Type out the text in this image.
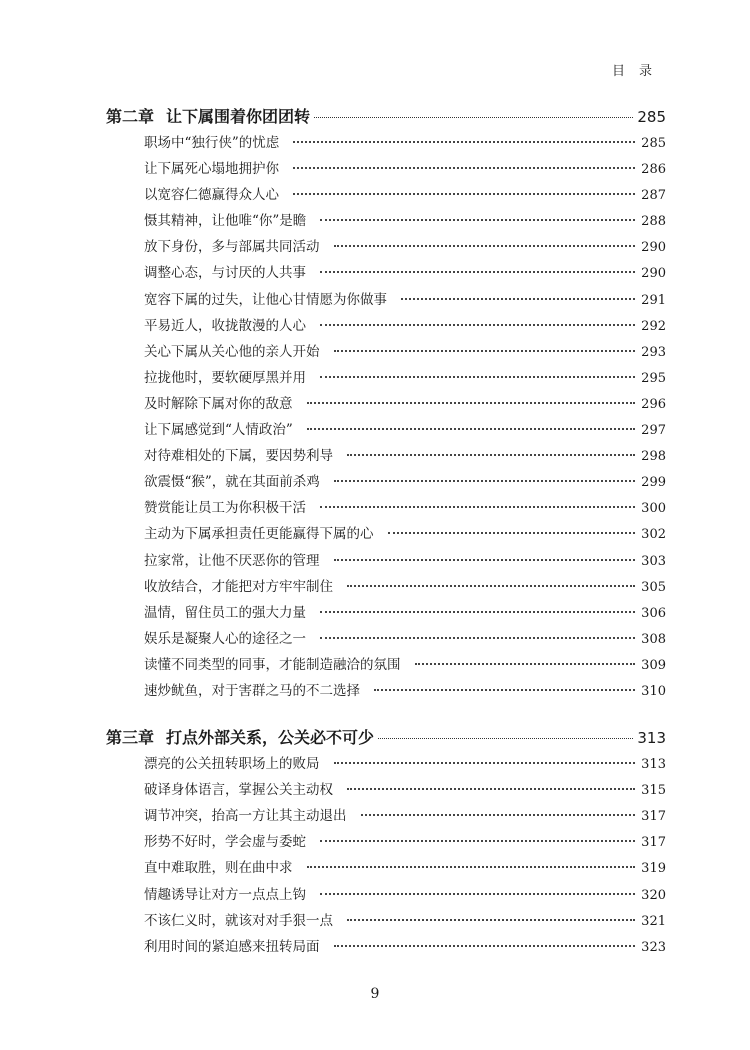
目录
第二章 让下属围着你团团转	285
职场中“独行侠”的忧虑	285
让下属死心塌地拥护你	286
以宽容仁德赢得众人心	287
慑其精神，让他唯“你”是瞻	288
放下身份，多与部属共同活动	290
调整心态，与讨厌的人共事	290
宽容下属的过失，让他心甘情愿为你做事	291
平易近人，收拢散漫的人心	292
关心下属从关心他的亲人开始	293
拉拢他时，要软硬厚黑并用	295
及时解除下属对你的敌意	296
让下属感觉到“人情政治”	297
对待难相处的下属，要因势利导	298
欲震慑“猴”，就在其面前杀鸡	299
赞赏能让员工为你积极干活	300
主动为下属承担责任更能赢得下属的心	302
拉家常，让他不厌恶你的管理	303
收放结合，才能把对方牢牢制住	305
温情，留住员工的强大力量	306
娱乐是凝聚人心的途径之一	308
读懂不同类型的同事，才能制造融洽的氛围	309
速炒鱿鱼，对于害群之马的不二选择	310
第三章 打点外部关系，公关必不可少	313
漂亮的公关扭转职场上的败局	313
破译身体语言，掌握公关主动权	315
调节冲突，抬高一方让其主动退出	317
形势不好时，学会虚与委蛇	317
直中难取胜，则在曲中求	319
情趣诱导让对方一点点上钩	320
不该仁义时，就该对对手狠一点	321
利用时间的紧迫感来扭转局面	323
9
